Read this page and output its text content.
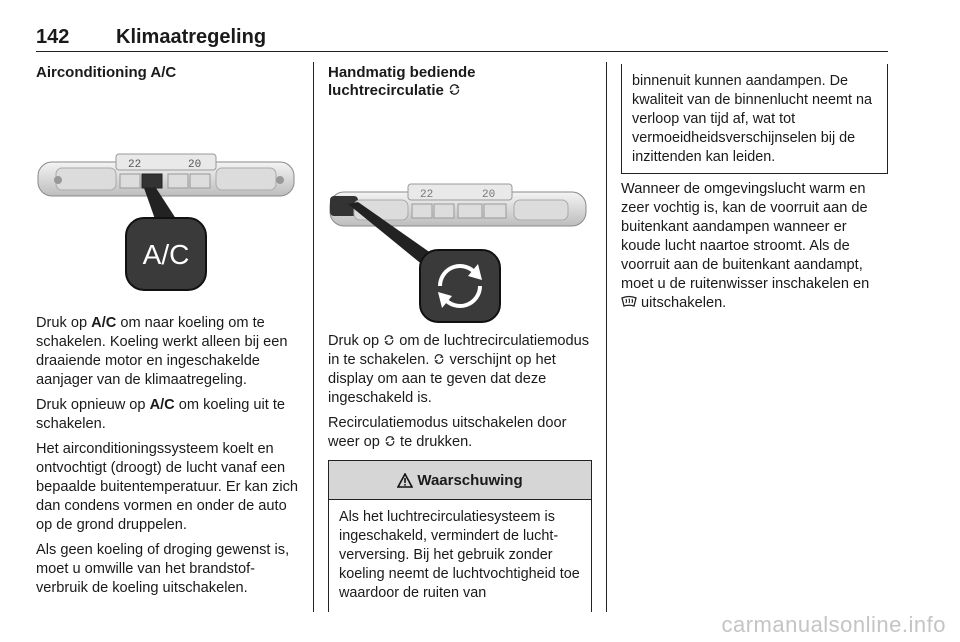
142 Klimaatregeling
Airconditioning A/C
22	20
A/C

Druk op A/C om naar koeling om te schakelen. Koeling werkt alleen bij een draaiende motor en ingeschakelde aanjager van de klimaatregeling.

Druk opnieuw op A/C om koeling uit te schakelen.

Het airconditioningssysteem koelt en ontvochtigt (droogt) de lucht vanaf een bepaalde buitentemperatuur. Er kan zich dan condens vormen en onder de auto op de grond druppelen.

Als geen koeling of droging gewenst is, moet u omwille van het brandstofverbruik de koeling uitschakelen.

Handmatig bediende
luchtrecirculatie
22	20

Druk op  om de luchtrecirculatiemodus in te schakelen.  verschijnt op het display om aan te geven dat deze ingeschakeld is.

Recirculatiemodus uitschakelen door weer op  te drukken.

Waarschuwing

Als het luchtrecirculatiesysteem is ingeschakeld, vermindert de luchtverversing. Bij het gebruik zonder koeling neemt de luchtvochtigheid toe waardoor de ruiten van

binnenuit kunnen aandampen. De kwaliteit van de binnenlucht neemt na verloop van tijd af, wat tot vermoeidheidsverschijnselen bij de inzittenden kan leiden.

Wanneer de omgevingslucht warm en zeer vochtig is, kan de voorruit aan de buitenkant aandampen wanneer er koude lucht naartoe stroomt. Als de voorruit aan de buitenkant aandampt, moet u de ruitenwisser inschakelen en  uitschakelen.

carmanualsonline.info
